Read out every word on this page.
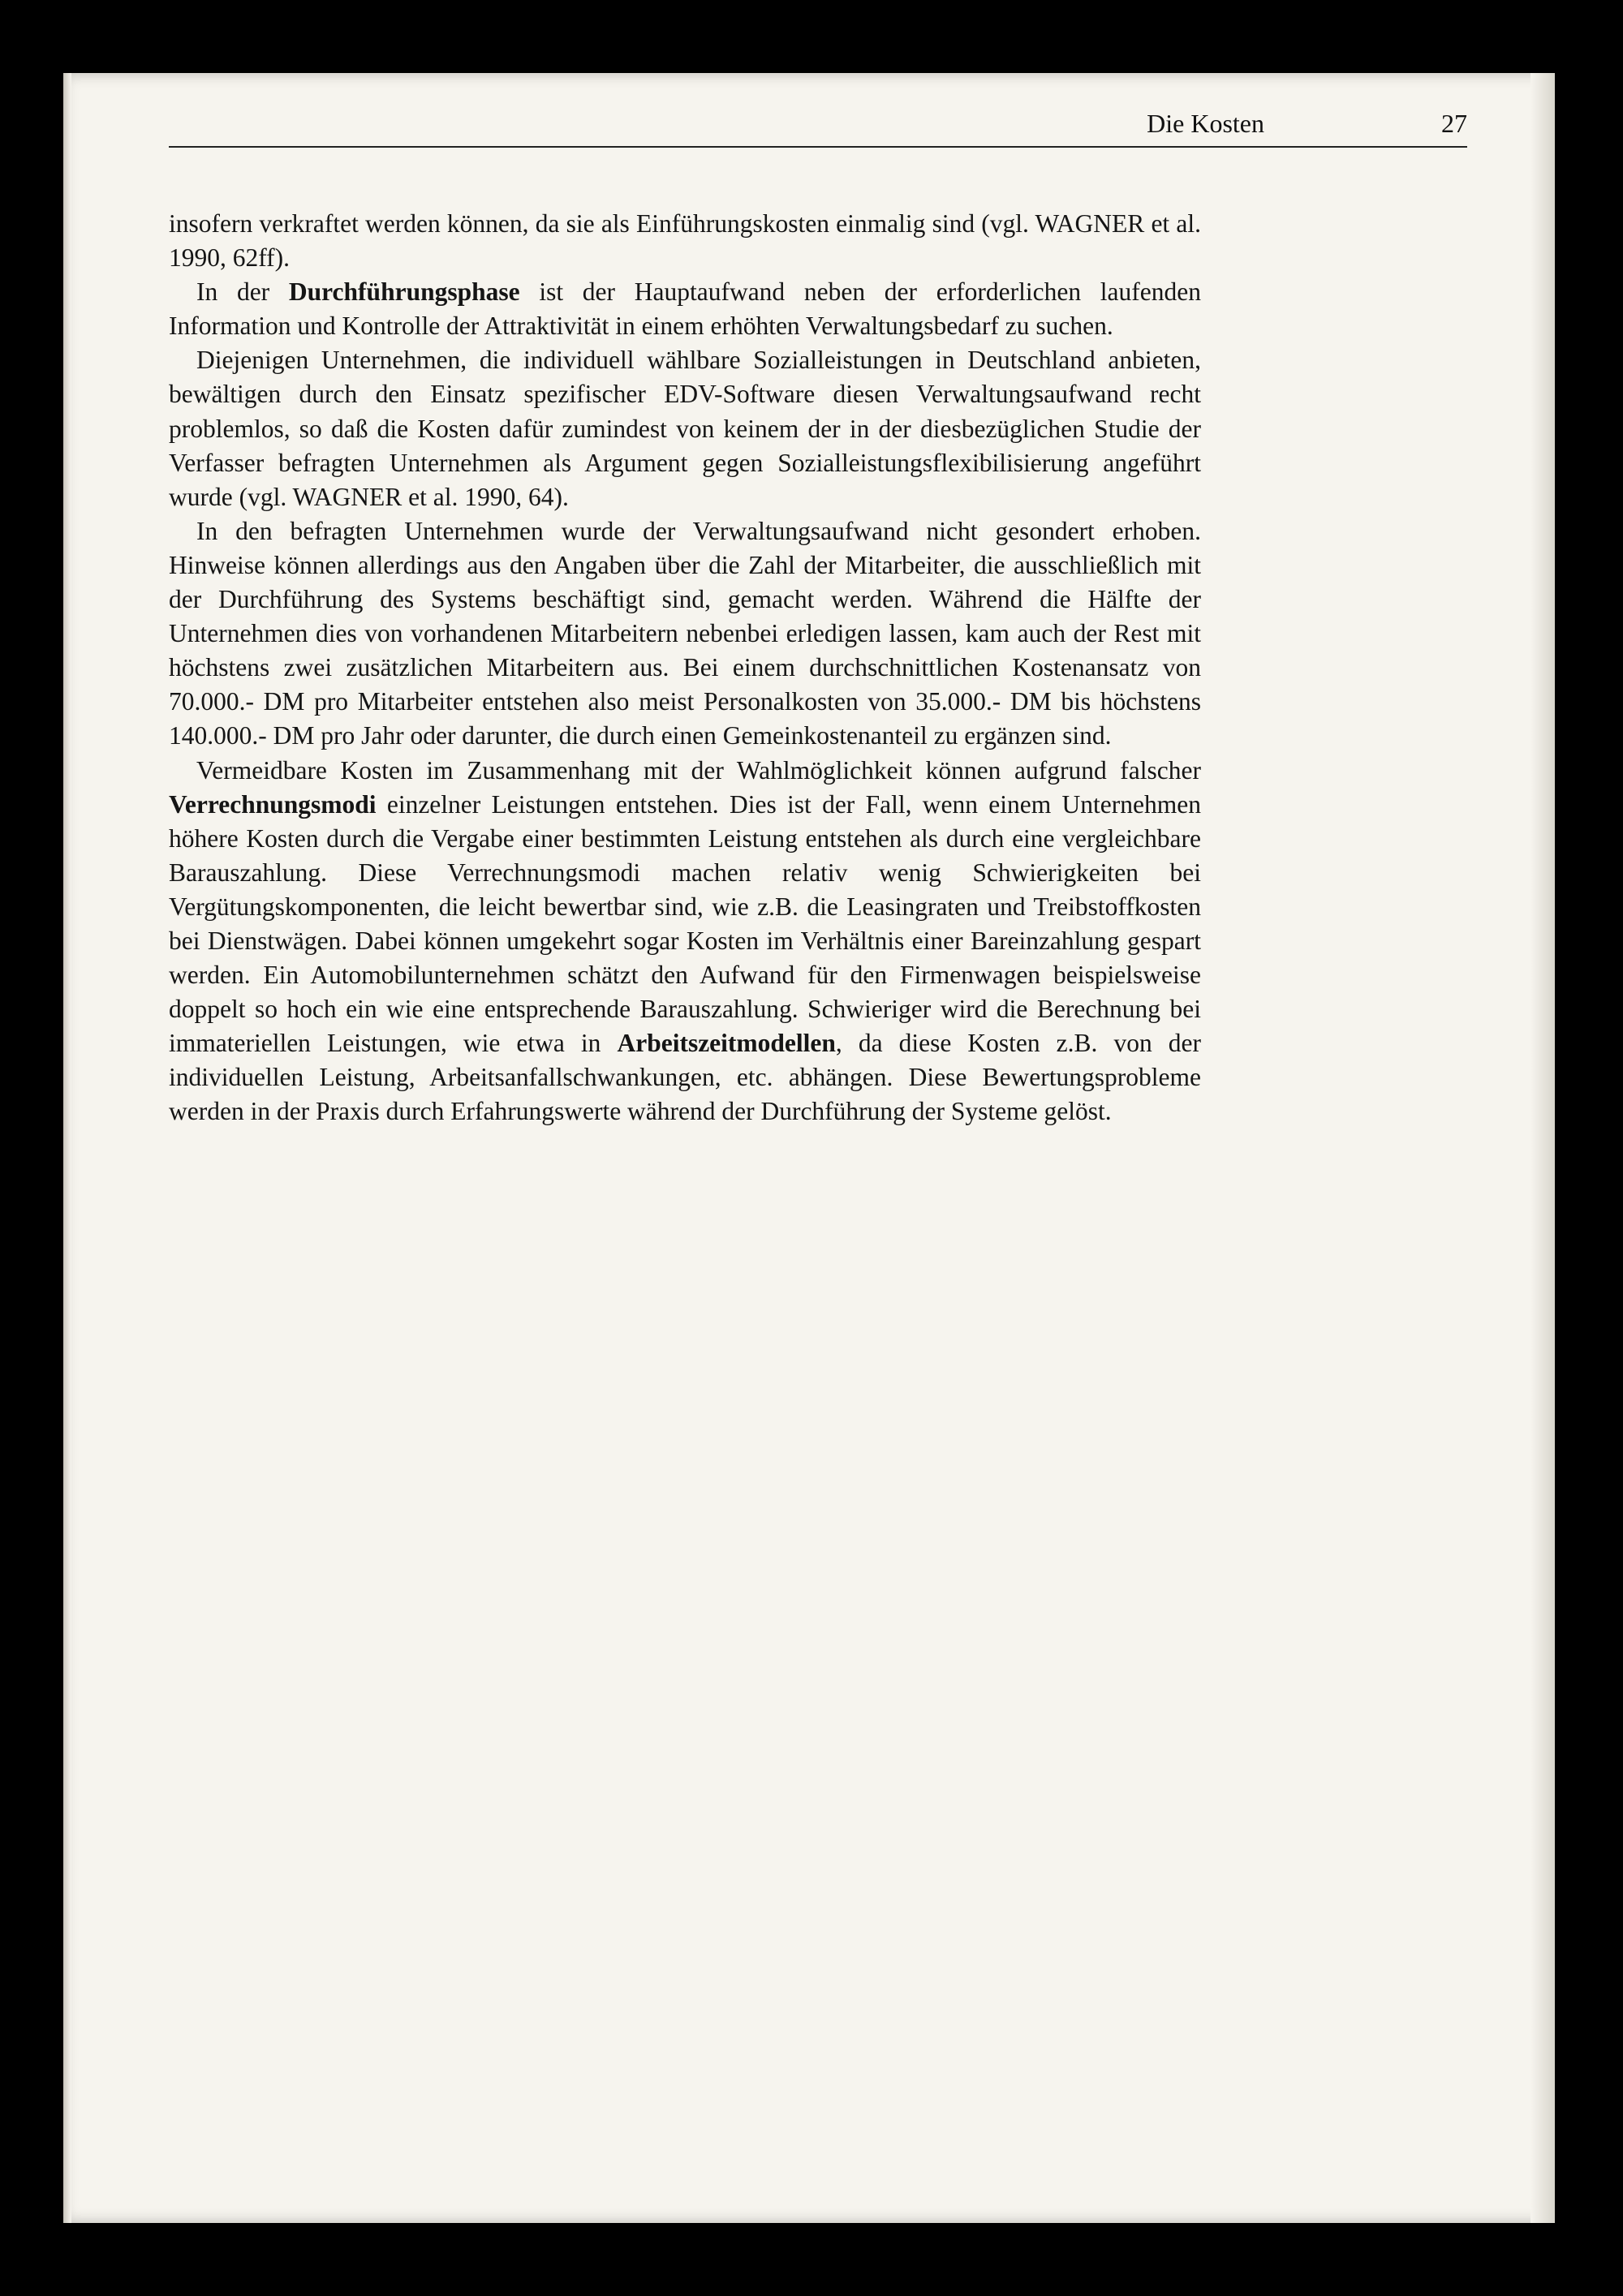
Die Kosten	27

insofern verkraftet werden können, da sie als Einführungskosten einmalig sind (vgl. WAGNER et al. 1990, 62ff).

In der Durchführungsphase ist der Hauptaufwand neben der erforderlichen laufenden Information und Kontrolle der Attraktivität in einem erhöhten Verwaltungsbedarf zu suchen.

Diejenigen Unternehmen, die individuell wählbare Sozialleistungen in Deutschland anbieten, bewältigen durch den Einsatz spezifischer EDV-Software diesen Verwaltungsaufwand recht problemlos, so daß die Kosten dafür zumindest von keinem der in der diesbezüglichen Studie der Verfasser befragten Unternehmen als Argument gegen Sozialleistungsflexibilisierung angeführt wurde (vgl. WAGNER et al. 1990, 64).

In den befragten Unternehmen wurde der Verwaltungsaufwand nicht gesondert erhoben. Hinweise können allerdings aus den Angaben über die Zahl der Mitarbeiter, die ausschließlich mit der Durchführung des Systems beschäftigt sind, gemacht werden. Während die Hälfte der Unternehmen dies von vorhandenen Mitarbeitern nebenbei erledigen lassen, kam auch der Rest mit höchstens zwei zusätzlichen Mitarbeitern aus. Bei einem durchschnittlichen Kostenansatz von 70.000.- DM pro Mitarbeiter entstehen also meist Personalkosten von 35.000.- DM bis höchstens 140.000.- DM pro Jahr oder darunter, die durch einen Gemeinkostenanteil zu ergänzen sind.

Vermeidbare Kosten im Zusammenhang mit der Wahlmöglichkeit können aufgrund falscher Verrechnungsmodi einzelner Leistungen entstehen. Dies ist der Fall, wenn einem Unternehmen höhere Kosten durch die Vergabe einer bestimmten Leistung entstehen als durch eine vergleichbare Barauszahlung. Diese Verrechnungsmodi machen relativ wenig Schwierigkeiten bei Vergütungskomponenten, die leicht bewertbar sind, wie z.B. die Leasingraten und Treibstoffkosten bei Dienstwägen. Dabei können umgekehrt sogar Kosten im Verhältnis einer Bareinzahlung gespart werden. Ein Automobilunternehmen schätzt den Aufwand für den Firmenwagen beispielsweise doppelt so hoch ein wie eine entsprechende Barauszahlung. Schwieriger wird die Berechnung bei immateriellen Leistungen, wie etwa in Arbeitszeitmodellen, da diese Kosten z.B. von der individuellen Leistung, Arbeitsanfallschwankungen, etc. abhängen. Diese Bewertungsprobleme werden in der Praxis durch Erfahrungswerte während der Durchführung der Systeme gelöst.
